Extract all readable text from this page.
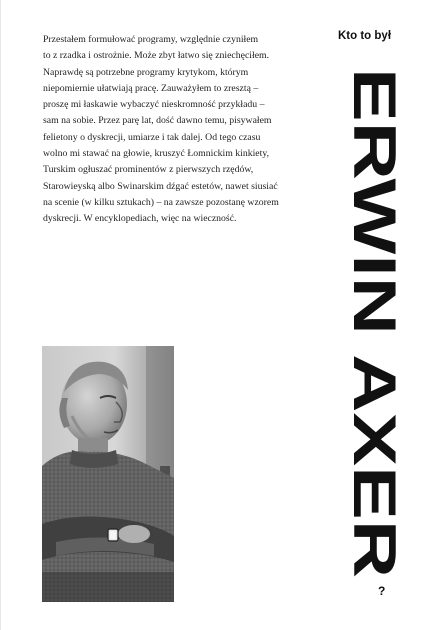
Przestałem formułować programy, względnie czyniłem
to z rzadka i ostrożnie. Może zbyt łatwo się zniechęciłem.
Naprawdę są potrzebne programy krytykom, którym
niepomiernie ułatwiają pracę. Zauważyłem to zresztą –
proszę mi łaskawie wybaczyć nieskromność przykładu –
sam na sobie. Przez parę lat, dość dawno temu, pisywałem
felietony o dyskrecji, umiarze i tak dalej. Od tego czasu
wolno mi stawać na głowie, kruszyć Łomnickim kinkiety,
Turskim ogłuszać prominentów z pierwszych rzędów,
Starowieyską albo Swinarskim dźgać estetów, nawet siusiać
na scenie (w kilku sztukach) – na zawsze pozostanę wzorem
dyskrecji. W encyklopediach, więc na wieczność.

Kto to był
ERWIN AXER
?
